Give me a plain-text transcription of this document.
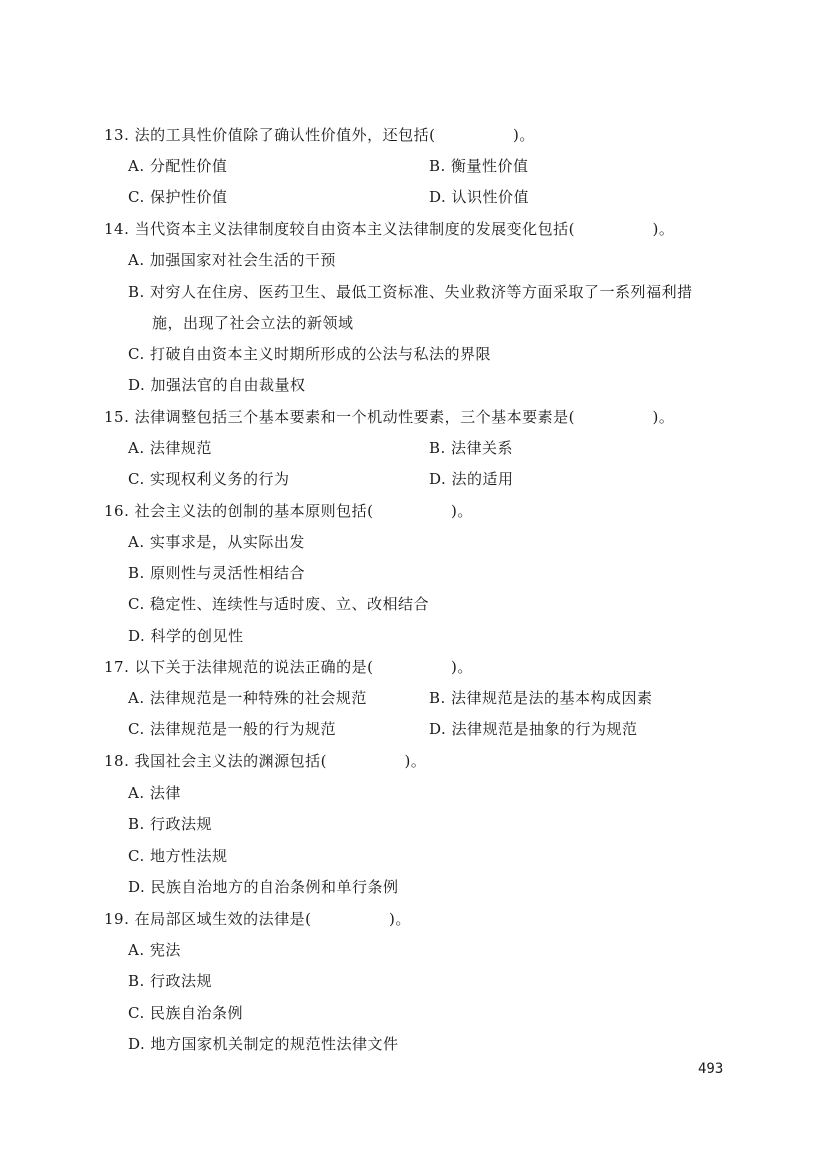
13. 法的工具性价值除了确认性价值外，还包括(　　　　　)。
A. 分配性价值	B. 衡量性价值
C. 保护性价值	D. 认识性价值
14. 当代资本主义法律制度较自由资本主义法律制度的发展变化包括(　　　　　)。
A. 加强国家对社会生活的干预
B. 对穷人在住房、医药卫生、最低工资标准、失业救济等方面采取了一系列福利措
施，出现了社会立法的新领域
C. 打破自由资本主义时期所形成的公法与私法的界限
D. 加强法官的自由裁量权
15. 法律调整包括三个基本要素和一个机动性要素，三个基本要素是(　　　　　)。
A. 法律规范	B. 法律关系
C. 实现权利义务的行为	D. 法的适用
16. 社会主义法的创制的基本原则包括(　　　　　)。
A. 实事求是，从实际出发
B. 原则性与灵活性相结合
C. 稳定性、连续性与适时废、立、改相结合
D. 科学的创见性
17. 以下关于法律规范的说法正确的是(　　　　　)。
A. 法律规范是一种特殊的社会规范	B. 法律规范是法的基本构成因素
C. 法律规范是一般的行为规范	D. 法律规范是抽象的行为规范
18. 我国社会主义法的渊源包括(　　　　　)。
A. 法律
B. 行政法规
C. 地方性法规
D. 民族自治地方的自治条例和单行条例
19. 在局部区域生效的法律是(　　　　　)。
A. 宪法
B. 行政法规
C. 民族自治条例
D. 地方国家机关制定的规范性法律文件
493
